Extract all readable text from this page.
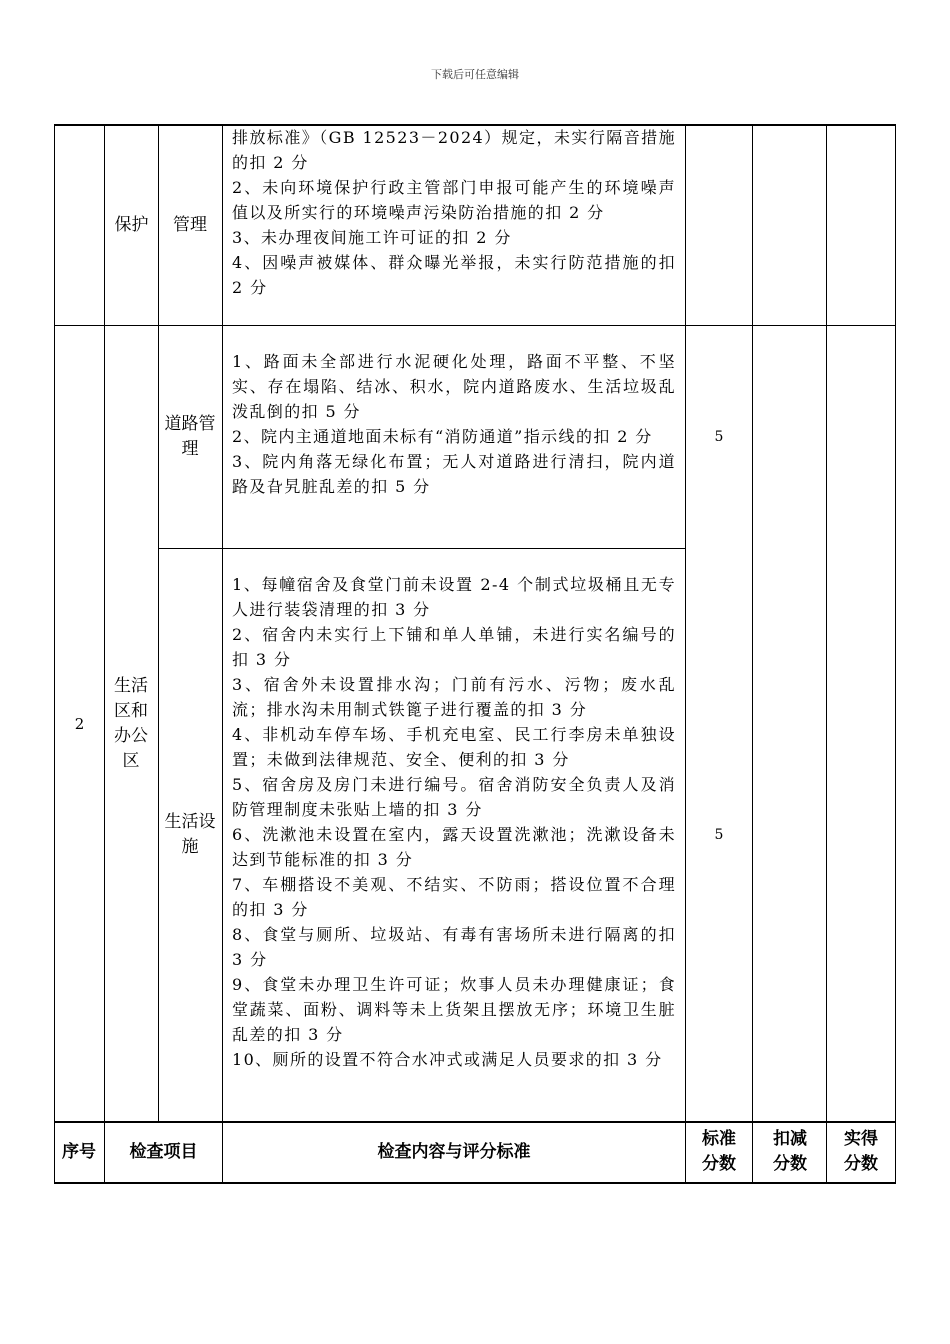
下载后可任意编辑
保护 管理

排放标准》（GB 12523－2024）规定，未实行隔音措施的扣 2 分

2、未向环境保护行政主管部门申报可能产生的环境噪声值以及所实行的环境噪声污染防治措施的扣 2 分

3、未办理夜间施工许可证的扣 2 分

4、因噪声被媒体、群众曝光举报，未实行防范措施的扣 2 分

2
生活区和办公区
道路管理

1、路面未全部进行水泥硬化处理，路面不平整、不坚实、存在塌陷、结冰、积水，院内道路废水、生活垃圾乱泼乱倒的扣 5 分

2、院内主通道地面未标有“消防通道”指示线的扣 2 分

3、院内角落无绿化布置；无人对道路进行清扫，院内道路及旮旯脏乱差的扣 5 分

5
生活设施

1、每幢宿舍及食堂门前未设置 2-4 个制式垃圾桶且无专人进行装袋清理的扣 3 分

2、宿舍内未实行上下铺和单人单铺，未进行实名编号的扣 3 分

3、宿舍外未设置排水沟；门前有污水、污物；废水乱流；排水沟未用制式铁篦子进行覆盖的扣 3 分

4、非机动车停车场、手机充电室、民工行李房未单独设置；未做到法律规范、安全、便利的扣 3 分

5、宿舍房及房门未进行编号。宿舍消防安全负责人及消防管理制度未张贴上墙的扣 3 分

6、洗漱池未设置在室内，露天设置洗漱池；洗漱设备未达到节能标准的扣 3 分

7、车棚搭设不美观、不结实、不防雨；搭设位置不合理的扣 3 分

8、食堂与厕所、垃圾站、有毒有害场所未进行隔离的扣 3 分

9、食堂未办理卫生许可证；炊事人员未办理健康证；食堂蔬菜、面粉、调料等未上货架且摆放无序；环境卫生脏乱差的扣 3 分

10、厕所的设置不符合水冲式或满足人员要求的扣 3 分

5
序号 检查项目	检查内容与评分标准
标准分数
扣减分数
实得分数
